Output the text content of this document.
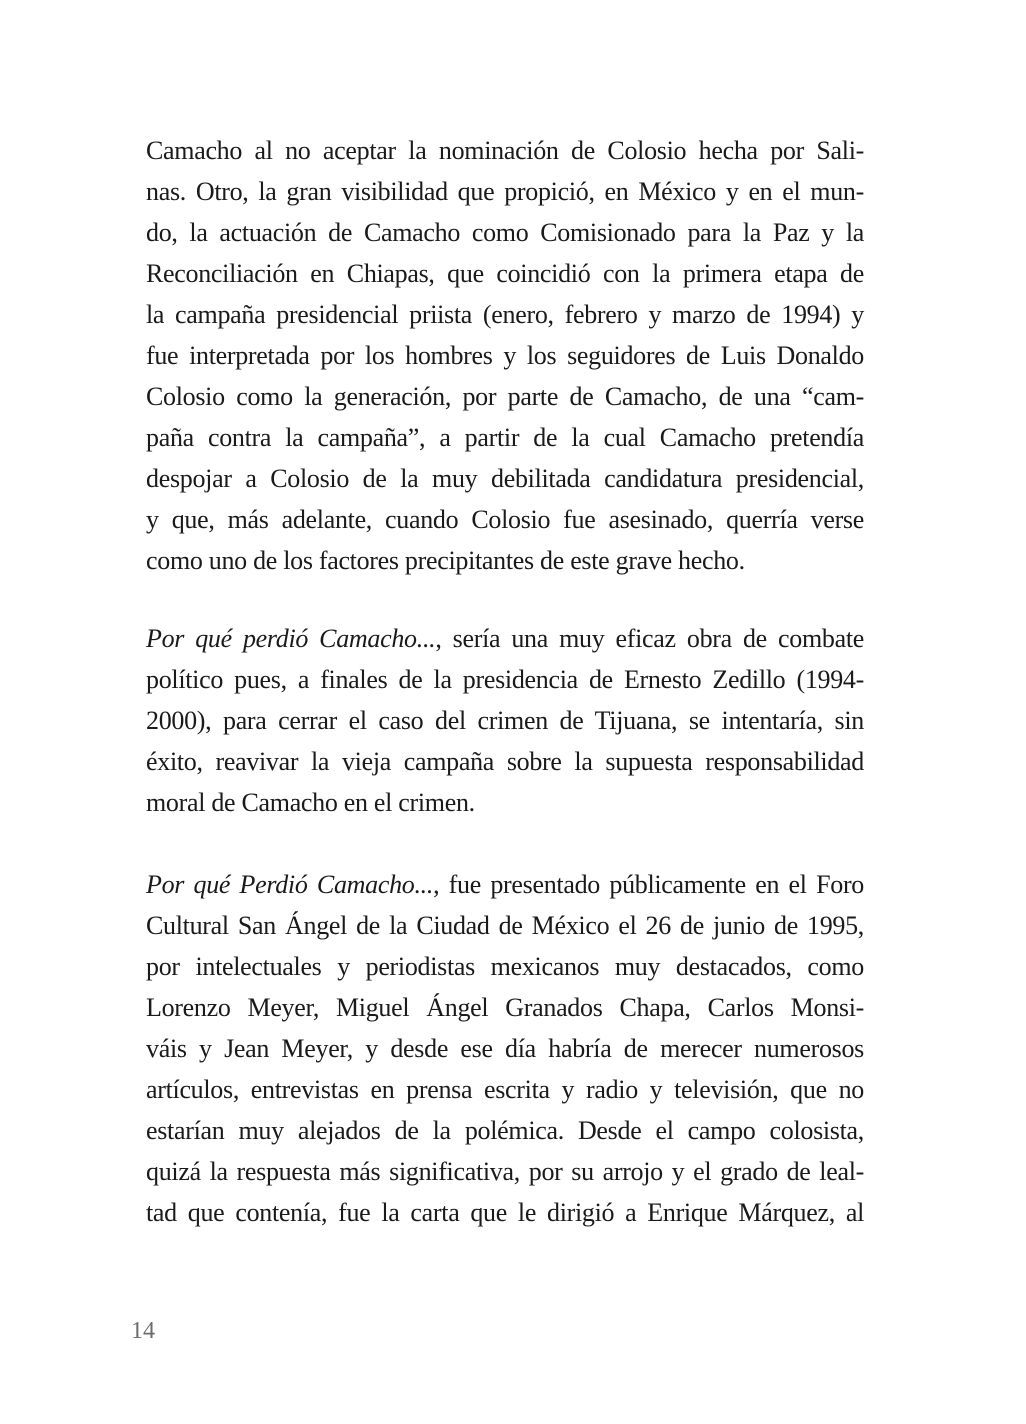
Camacho al no aceptar la nominación de Colosio hecha por Sali-
nas. Otro, la gran visibilidad que propició, en México y en el mun-
do, la actuación de Camacho como Comisionado para la Paz y la
Reconciliación en Chiapas, que coincidió con la primera etapa de
la campaña presidencial priista (enero, febrero y marzo de 1994) y
fue interpretada por los hombres y los seguidores de Luis Donaldo
Colosio como la generación, por parte de Camacho, de una “cam-
paña contra la campaña”, a partir de la cual Camacho pretendía
despojar a Colosio de la muy debilitada candidatura presidencial,
y que, más adelante, cuando Colosio fue asesinado, querría verse
como uno de los factores precipitantes de este grave hecho.
Por qué perdió Camacho..., sería una muy eficaz obra de combate
político pues, a finales de la presidencia de Ernesto Zedillo (1994-
2000), para cerrar el caso del crimen de Tijuana, se intentaría, sin
éxito, reavivar la vieja campaña sobre la supuesta responsabilidad
moral de Camacho en el crimen.
Por qué Perdió Camacho..., fue presentado públicamente en el Foro
Cultural San Ángel de la Ciudad de México el 26 de junio de 1995,
por intelectuales y periodistas mexicanos muy destacados, como
Lorenzo Meyer, Miguel Ángel Granados Chapa, Carlos Monsi-
váis y Jean Meyer, y desde ese día habría de merecer numerosos
artículos, entrevistas en prensa escrita y radio y televisión, que no
estarían muy alejados de la polémica. Desde el campo colosista,
quizá la respuesta más significativa, por su arrojo y el grado de leal-
tad que contenía, fue la carta que le dirigió a Enrique Márquez, al
14
